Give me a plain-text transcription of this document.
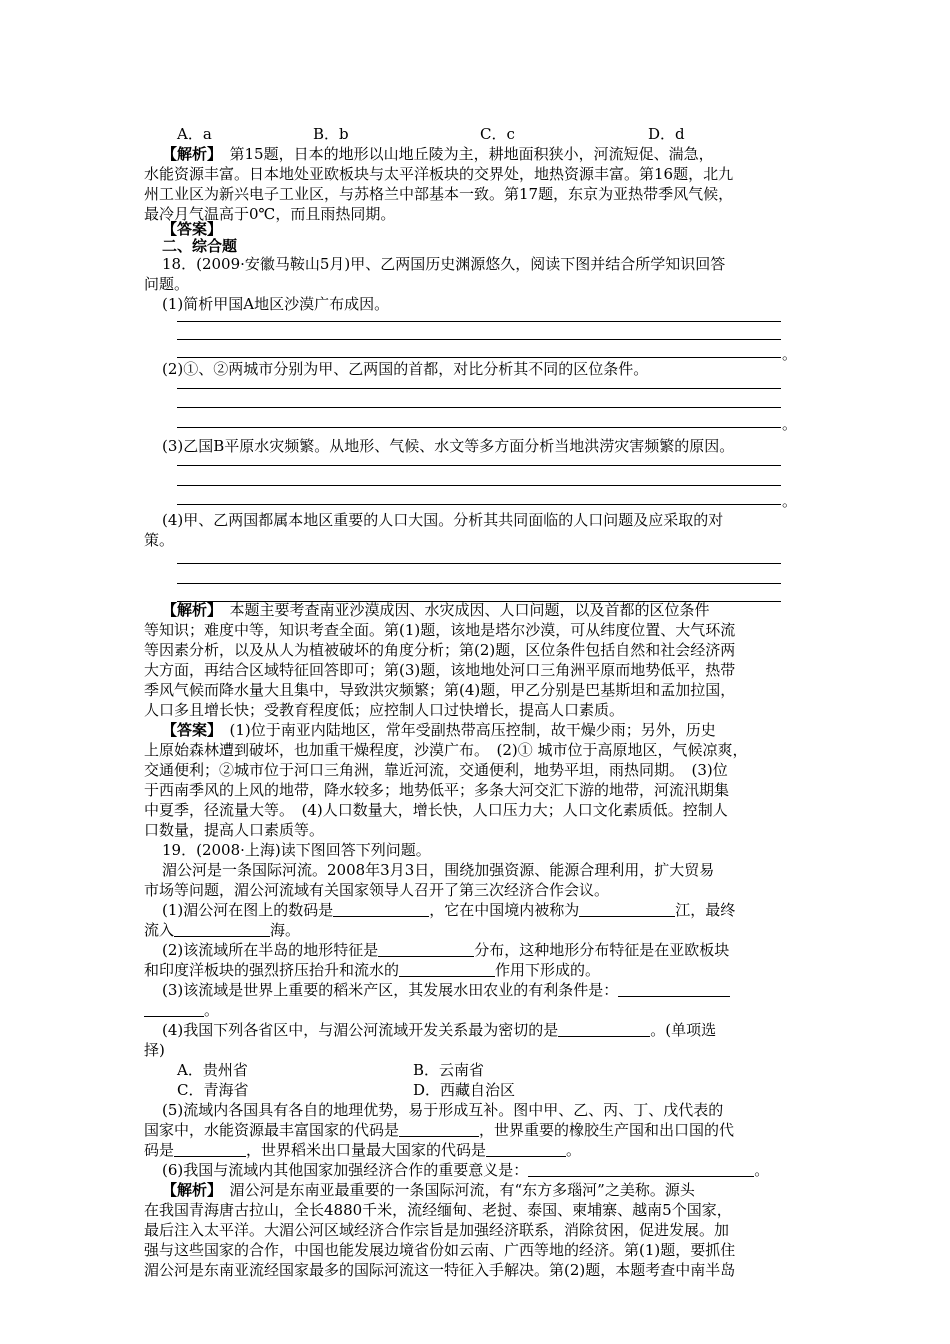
A．a	B．b	C．c	D．d
【解析】　第15题，日本的地形以山地丘陵为主，耕地面积狭小，河流短促、湍急，
水能资源丰富。日本地处亚欧板块与太平洋板块的交界处，地热资源丰富。第16题，北九
州工业区为新兴电子工业区，与苏格兰中部基本一致。第17题，东京为亚热带季风气候，
最冷月气温高于0℃，而且雨热同期。
【答案】
二、综合题
18．(2009·安徽马鞍山5月)甲、乙两国历史渊源悠久，阅读下图并结合所学知识回答
问题。
(1)简析甲国A地区沙漠广布成因。
。
(2)①、②两城市分别为甲、乙两国的首都，对比分析其不同的区位条件。
。
(3)乙国B平原水灾频繁。从地形、气候、水文等多方面分析当地洪涝灾害频繁的原因。
。
(4)甲、乙两国都属本地区重要的人口大国。分析其共同面临的人口问题及应采取的对
策。
【解析】　本题主要考查南亚沙漠成因、水灾成因、人口问题，以及首都的区位条件
等知识；难度中等，知识考查全面。第(1)题，该地是塔尔沙漠，可从纬度位置、大气环流
等因素分析，以及从人为植被破坏的角度分析；第(2)题，区位条件包括自然和社会经济两
大方面，再结合区域特征回答即可；第(3)题，该地地处河口三角洲平原而地势低平，热带
季风气候而降水量大且集中，导致洪灾频繁；第(4)题，甲乙分别是巴基斯坦和孟加拉国，
人口多且增长快；受教育程度低；应控制人口过快增长，提高人口素质。
【答案】　(1)位于南亚内陆地区，常年受副热带高压控制，故干燥少雨；另外，历史
上原始森林遭到破坏，也加重干燥程度，沙漠广布。　(2)① 城市位于高原地区，气候凉爽，
交通便利；②城市位于河口三角洲，靠近河流，交通便利，地势平坦，雨热同期。　(3)位
于西南季风的上风的地带，降水较多；地势低平；多条大河交汇下游的地带，河流汛期集
中夏季，径流量大等。　(4)人口数量大，增长快，人口压力大；人口文化素质低。控制人
口数量，提高人口素质等。
19．(2008·上海)读下图回答下列问题。
湄公河是一条国际河流。2008年3月3日，围绕加强资源、能源合理利用，扩大贸易
市场等问题，湄公河流域有关国家领导人召开了第三次经济合作会议。
(1)湄公河在图上的数码是	，它在中国境内被称为	江，最终
流入	海。
(2)该流域所在半岛的地形特征是	分布，这种地形分布特征是在亚欧板块
和印度洋板块的强烈挤压抬升和流水的	作用下形成的。
(3)该流域是世界上重要的稻米产区，其发展水田农业的有利条件是：
。
(4)我国下列各省区中，与湄公河流域开发关系最为密切的是	。(单项选
择)
A．贵州省	B．云南省
C．青海省	D．西藏自治区
(5)流域内各国具有各自的地理优势，易于形成互补。图中甲、乙、丙、丁、戊代表的
国家中，水能资源最丰富国家的代码是	，世界重要的橡胶生产国和出口国的代
码是	，世界稻米出口量最大国家的代码是	。
(6)我国与流域内其他国家加强经济合作的重要意义是：	。
【解析】　湄公河是东南亚最重要的一条国际河流，有“东方多瑙河”之美称。源头
在我国青海唐古拉山，全长4880千米，流经缅甸、老挝、泰国、柬埔寨、越南5个国家，
最后注入太平洋。大湄公河区域经济合作宗旨是加强经济联系，消除贫困，促进发展。加
强与这些国家的合作，中国也能发展边境省份如云南、广西等地的经济。第(1)题，要抓住
湄公河是东南亚流经国家最多的国际河流这一特征入手解决。第(2)题，本题考查中南半岛
